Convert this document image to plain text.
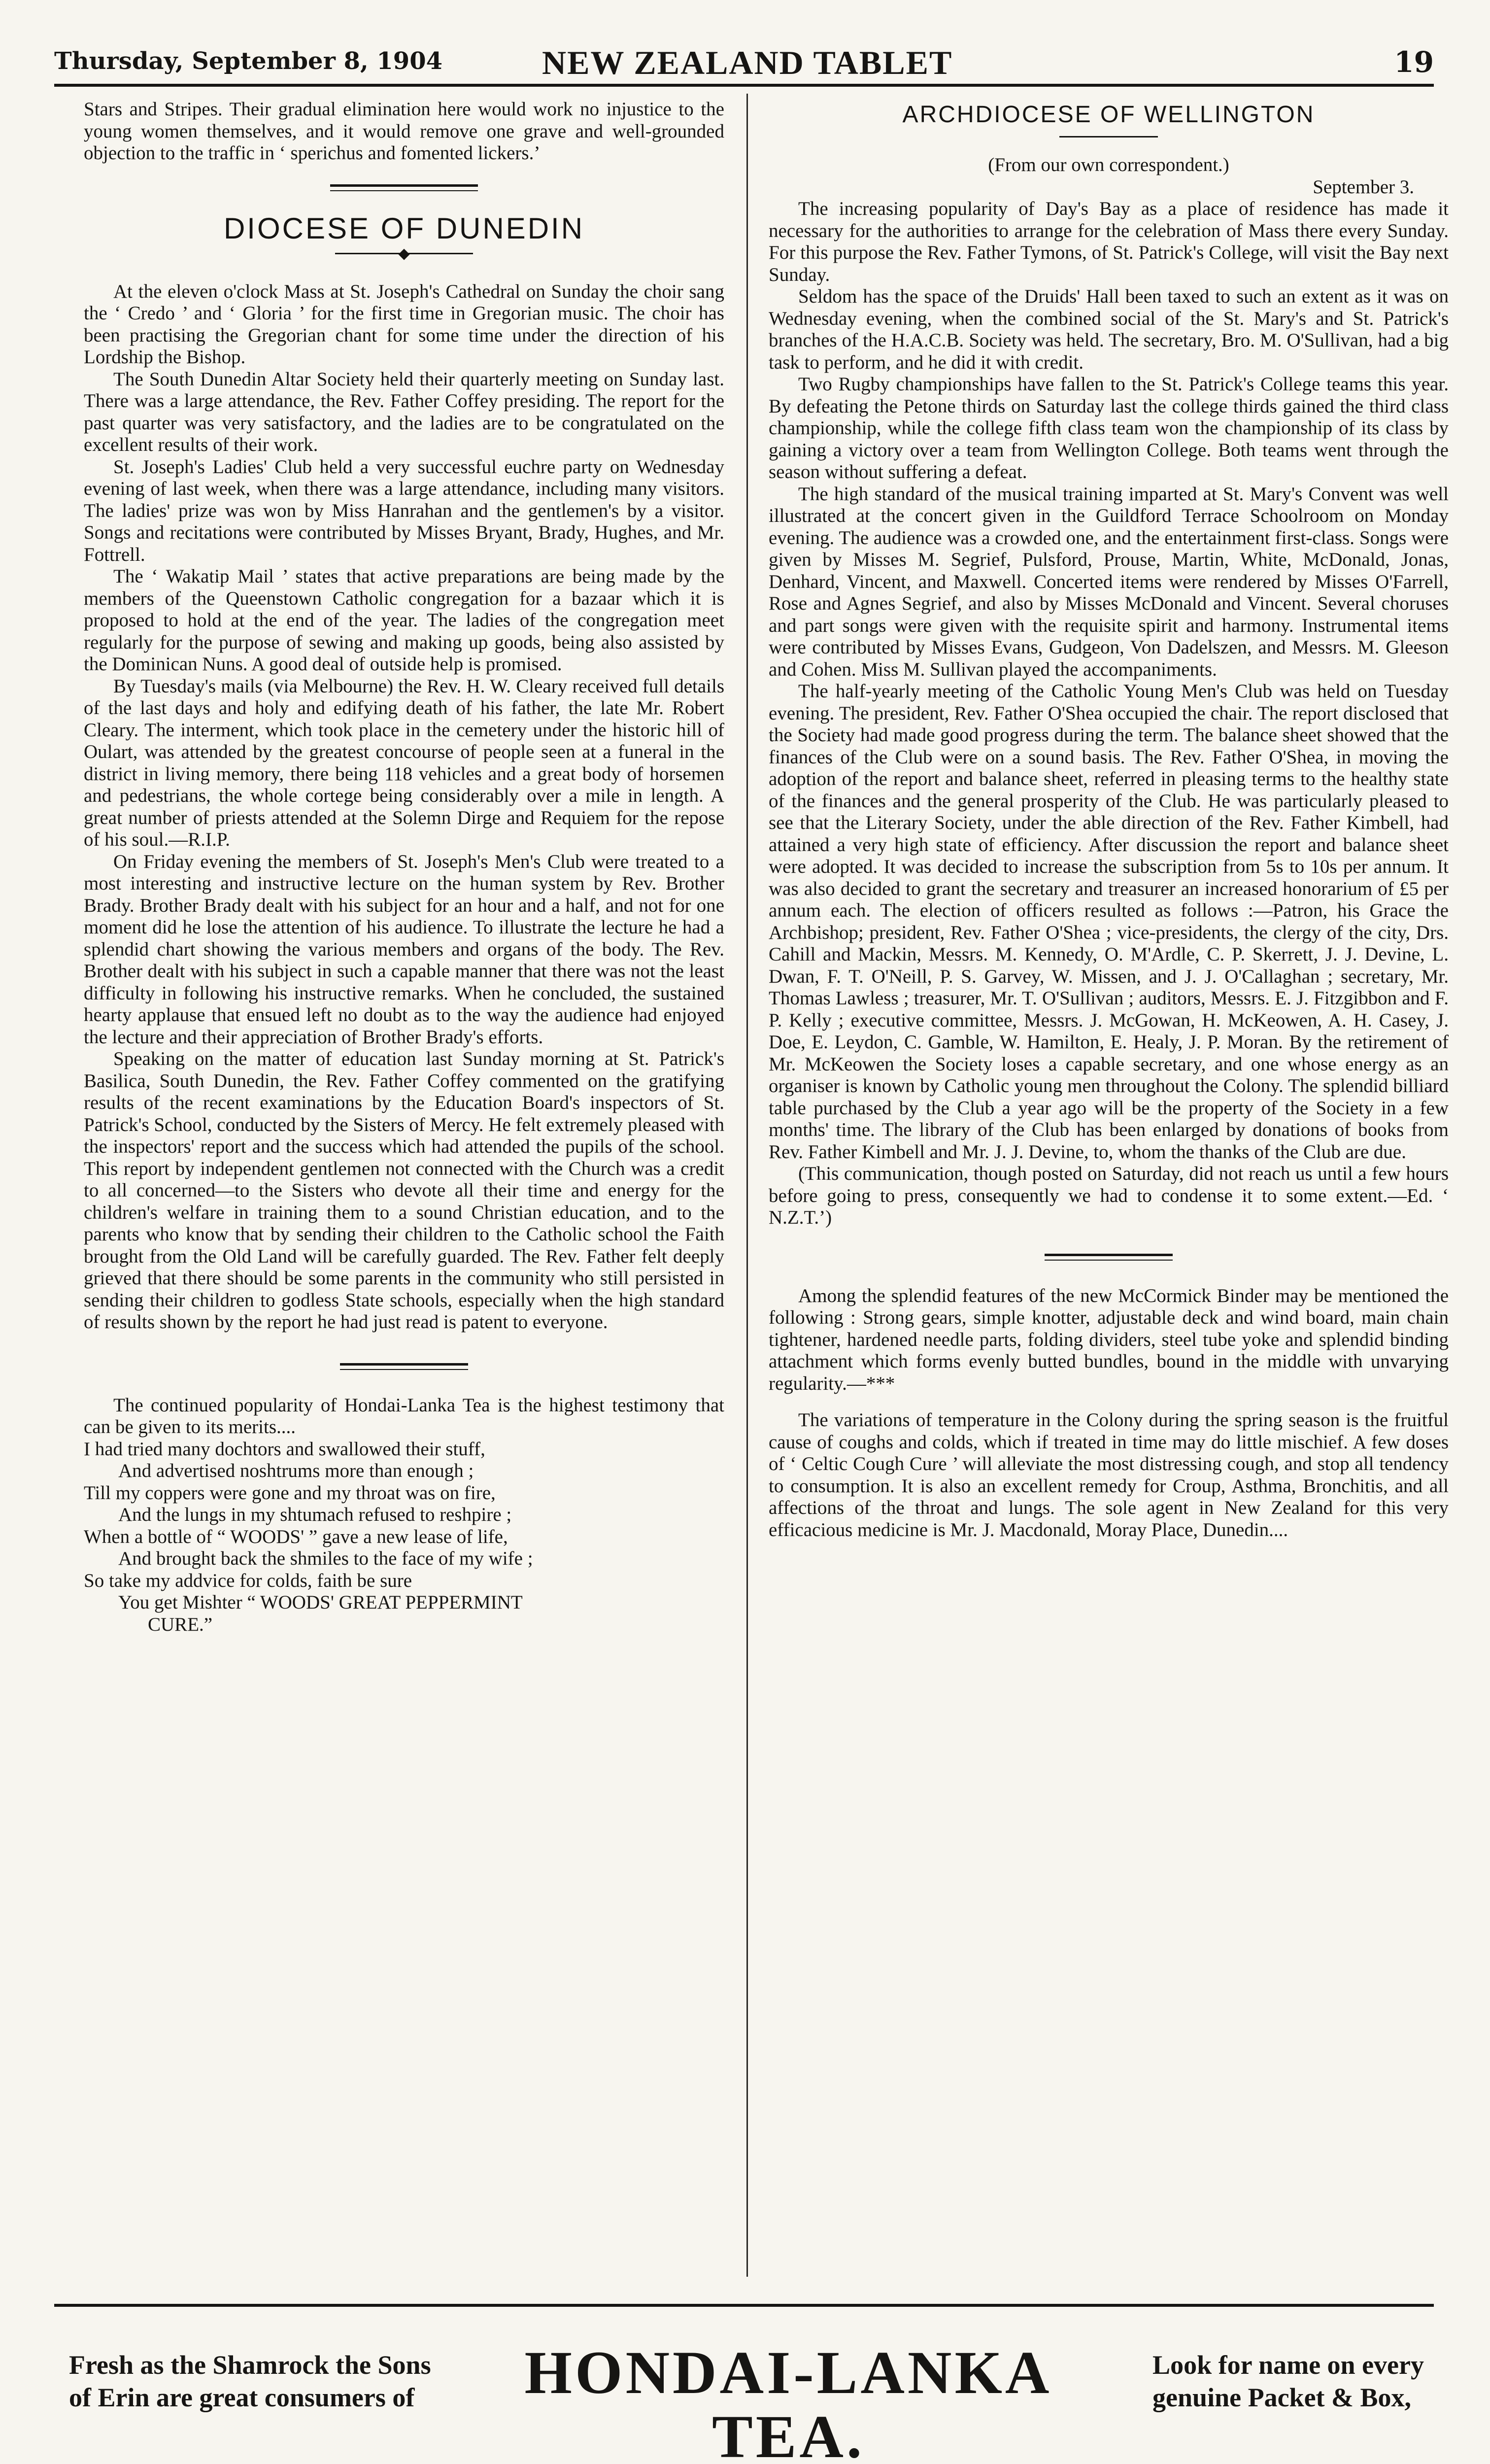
Thursday, September 8, 1904	NEW ZEALAND TABLET	19

Stars and Stripes. Their gradual elimination here would work no injustice to the young women themselves, and it would remove one grave and well-grounded objection to the traffic in ‘ sperichus and fomented lickers.’

DIOCESE OF DUNEDIN
◆

At the eleven o'clock Mass at St. Joseph's Cathedral on Sunday the choir sang the ‘ Credo ’ and ‘ Gloria ’ for the first time in Gregorian music. The choir has been practising the Gregorian chant for some time under the direction of his Lordship the Bishop.

The South Dunedin Altar Society held their quarterly meeting on Sunday last. There was a large attendance, the Rev. Father Coffey presiding. The report for the past quarter was very satisfactory, and the ladies are to be congratulated on the excellent results of their work.

St. Joseph's Ladies' Club held a very successful euchre party on Wednesday evening of last week, when there was a large attendance, including many visitors. The ladies' prize was won by Miss Hanrahan and the gentlemen's by a visitor. Songs and recitations were contributed by Misses Bryant, Brady, Hughes, and Mr. Fottrell.

The ‘ Wakatip Mail ’ states that active preparations are being made by the members of the Queenstown Catholic congregation for a bazaar which it is proposed to hold at the end of the year. The ladies of the congregation meet regularly for the purpose of sewing and making up goods, being also assisted by the Dominican Nuns. A good deal of outside help is promised.

By Tuesday's mails (via Melbourne) the Rev. H. W. Cleary received full details of the last days and holy and edifying death of his father, the late Mr. Robert Cleary. The interment, which took place in the cemetery under the historic hill of Oulart, was attended by the greatest concourse of people seen at a funeral in the district in living memory, there being 118 vehicles and a great body of horsemen and pedestrians, the whole cortege being considerably over a mile in length. A great number of priests attended at the Solemn Dirge and Requiem for the repose of his soul.—R.I.P.

On Friday evening the members of St. Joseph's Men's Club were treated to a most interesting and instructive lecture on the human system by Rev. Brother Brady. Brother Brady dealt with his subject for an hour and a half, and not for one moment did he lose the attention of his audience. To illustrate the lecture he had a splendid chart showing the various members and organs of the body. The Rev. Brother dealt with his subject in such a capable manner that there was not the least difficulty in following his instructive remarks. When he concluded, the sustained hearty applause that ensued left no doubt as to the way the audience had enjoyed the lecture and their appreciation of Brother Brady's efforts.

Speaking on the matter of education last Sunday morning at St. Patrick's Basilica, South Dunedin, the Rev. Father Coffey commented on the gratifying results of the recent examinations by the Education Board's inspectors of St. Patrick's School, conducted by the Sisters of Mercy. He felt extremely pleased with the inspectors' report and the success which had attended the pupils of the school. This report by independent gentlemen not connected with the Church was a credit to all concerned—to the Sisters who devote all their time and energy for the children's welfare in training them to a sound Christian education, and to the parents who know that by sending their children to the Catholic school the Faith brought from the Old Land will be carefully guarded. The Rev. Father felt deeply grieved that there should be some parents in the community who still persisted in sending their children to godless State schools, especially when the high standard of results shown by the report he had just read is patent to everyone.

The continued popularity of Hondai-Lanka Tea is the highest testimony that can be given to its merits....

I had tried many dochtors and swallowed their stuff,

And advertised noshtrums more than enough ;

Till my coppers were gone and my throat was on fire,

And the lungs in my shtumach refused to reshpire ;

When a bottle of “ WOODS' ” gave a new lease of life,

And brought back the shmiles to the face of my wife ;

So take my addvice for colds, faith be sure

You get Mishter “ WOODS' GREAT PEPPERMINT

CURE.”

ARCHDIOCESE OF WELLINGTON

(From our own correspondent.)

September 3.

The increasing popularity of Day's Bay as a place of residence has made it necessary for the authorities to arrange for the celebration of Mass there every Sunday. For this purpose the Rev. Father Tymons, of St. Patrick's College, will visit the Bay next Sunday.

Seldom has the space of the Druids' Hall been taxed to such an extent as it was on Wednesday evening, when the combined social of the St. Mary's and St. Patrick's branches of the H.A.C.B. Society was held. The secretary, Bro. M. O'Sullivan, had a big task to perform, and he did it with credit.

Two Rugby championships have fallen to the St. Patrick's College teams this year. By defeating the Petone thirds on Saturday last the college thirds gained the third class championship, while the college fifth class team won the championship of its class by gaining a victory over a team from Wellington College. Both teams went through the season without suffering a defeat.

The high standard of the musical training imparted at St. Mary's Convent was well illustrated at the concert given in the Guildford Terrace Schoolroom on Monday evening. The audience was a crowded one, and the entertainment first-class. Songs were given by Misses M. Segrief, Pulsford, Prouse, Martin, White, McDonald, Jonas, Denhard, Vincent, and Maxwell. Concerted items were rendered by Misses O'Farrell, Rose and Agnes Segrief, and also by Misses McDonald and Vincent. Several choruses and part songs were given with the requisite spirit and harmony. Instrumental items were contributed by Misses Evans, Gudgeon, Von Dadelszen, and Messrs. M. Gleeson and Cohen. Miss M. Sullivan played the accompaniments.

The half-yearly meeting of the Catholic Young Men's Club was held on Tuesday evening. The president, Rev. Father O'Shea occupied the chair. The report disclosed that the Society had made good progress during the term. The balance sheet showed that the finances of the Club were on a sound basis. The Rev. Father O'Shea, in moving the adoption of the report and balance sheet, referred in pleasing terms to the healthy state of the finances and the general prosperity of the Club. He was particularly pleased to see that the Literary Society, under the able direction of the Rev. Father Kimbell, had attained a very high state of efficiency. After discussion the report and balance sheet were adopted. It was decided to increase the subscription from 5s to 10s per annum. It was also decided to grant the secretary and treasurer an increased honorarium of £5 per annum each. The election of officers resulted as follows :—Patron, his Grace the Archbishop; president, Rev. Father O'Shea ; vice-presidents, the clergy of the city, Drs. Cahill and Mackin, Messrs. M. Kennedy, O. M'Ardle, C. P. Skerrett, J. J. Devine, L. Dwan, F. T. O'Neill, P. S. Garvey, W. Missen, and J. J. O'Callaghan ; secretary, Mr. Thomas Lawless ; treasurer, Mr. T. O'Sullivan ; auditors, Messrs. E. J. Fitzgibbon and F. P. Kelly ; executive committee, Messrs. J. McGowan, H. McKeowen, A. H. Casey, J. Doe, E. Leydon, C. Gamble, W. Hamilton, E. Healy, J. P. Moran. By the retirement of Mr. McKeowen the Society loses a capable secretary, and one whose energy as an organiser is known by Catholic young men throughout the Colony. The splendid billiard table purchased by the Club a year ago will be the property of the Society in a few months' time. The library of the Club has been enlarged by donations of books from Rev. Father Kimbell and Mr. J. J. Devine, to, whom the thanks of the Club are due.

(This communication, though posted on Saturday, did not reach us until a few hours before going to press, consequently we had to condense it to some extent.—Ed. ‘ N.Z.T.’)

Among the splendid features of the new McCormick Binder may be mentioned the following : Strong gears, simple knotter, adjustable deck and wind board, main chain tightener, hardened needle parts, folding dividers, steel tube yoke and splendid binding attachment which forms evenly butted bundles, bound in the middle with unvarying regularity.—***

The variations of temperature in the Colony during the spring season is the fruitful cause of coughs and colds, which if treated in time may do little mischief. A few doses of ‘ Celtic Cough Cure ’ will alleviate the most distressing cough, and stop all tendency to consumption. It is also an excellent remedy for Croup, Asthma, Bronchitis, and all affections of the throat and lungs. The sole agent in New Zealand for this very efficacious medicine is Mr. J. Macdonald, Moray Place, Dunedin....

Fresh as the Shamrock the Sons
of Erin are great consumers of	HONDAI-LANKA TEA.
Look for name on every
genuine Packet & Box,
